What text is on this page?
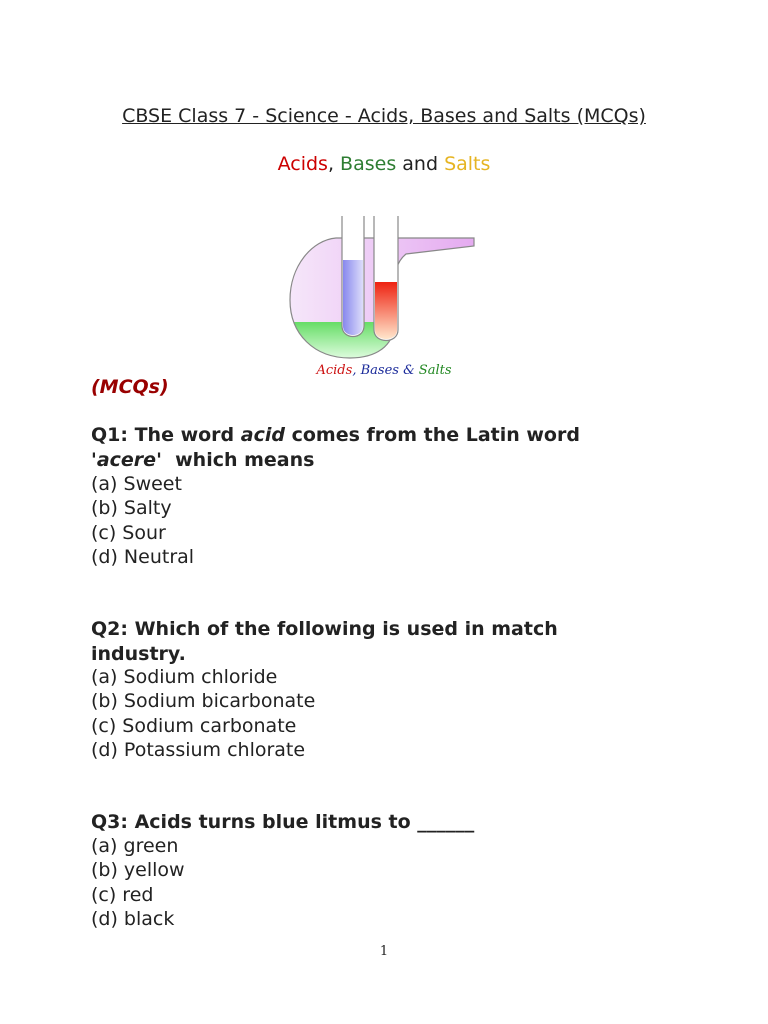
CBSE Class 7 - Science - Acids, Bases and Salts (MCQs)
Acids, Bases and Salts
Acids, Bases & Salts
(MCQs)
Q1: The word acid comes from the Latin word
'acere'  which means
(a) Sweet
(b) Salty
(c) Sour
(d) Neutral
Q2: Which of the following is used in match industry.
(a) Sodium chloride
(b) Sodium bicarbonate
(c) Sodium carbonate
(d) Potassium chlorate
Q3: Acids turns blue litmus to ______
(a) green
(b) yellow
(c) red
(d) black
1
